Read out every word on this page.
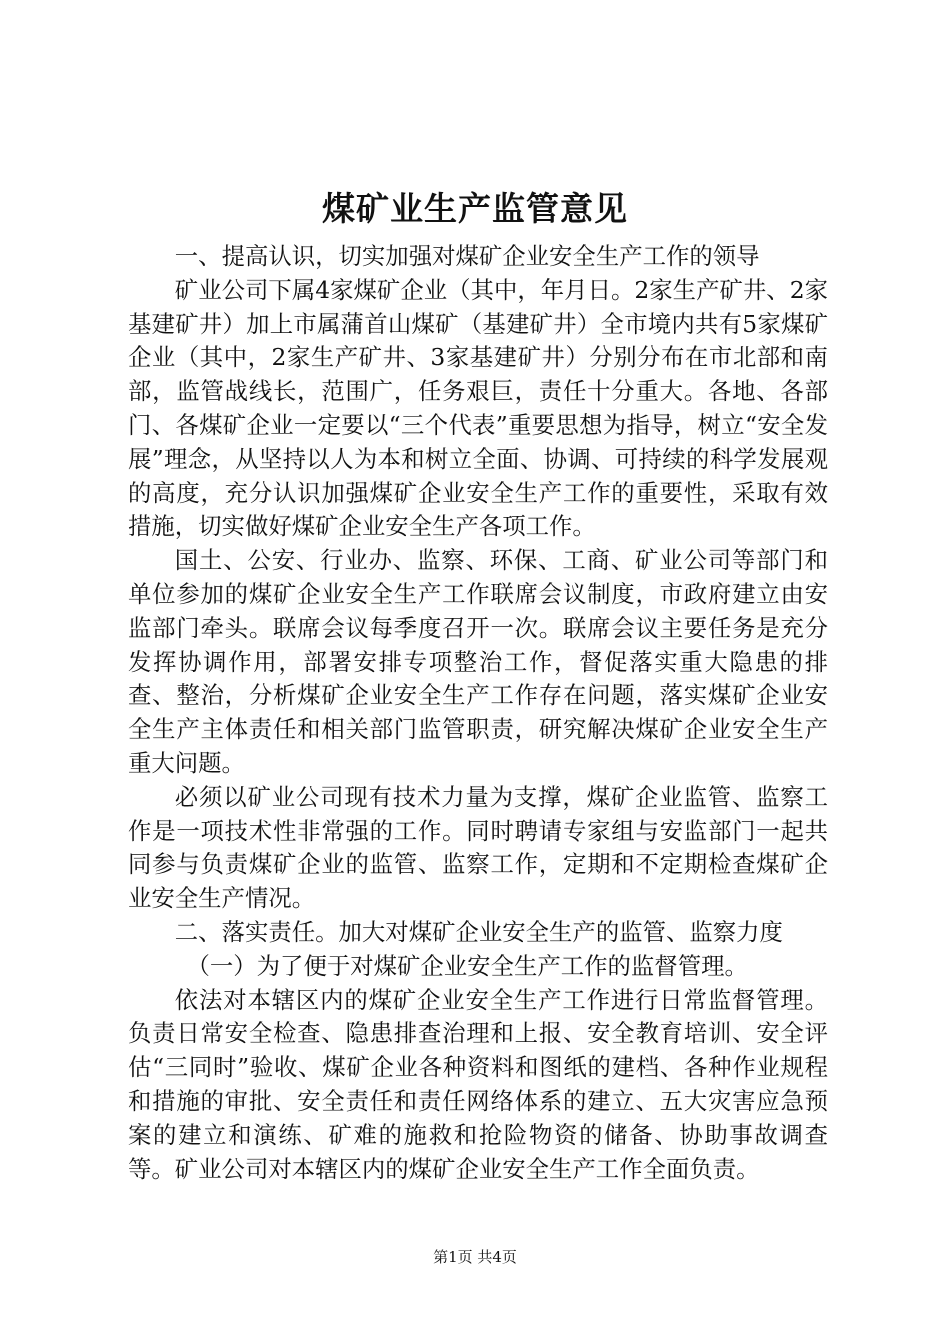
煤矿业生产监管意见

一、提高认识，切实加强对煤矿企业安全生产工作的领导

矿业公司下属4家煤矿企业（其中，年月日。2家生产矿井、2家基建矿井）加上市属蒲首山煤矿（基建矿井）全市境内共有5家煤矿企业（其中，2家生产矿井、3家基建矿井）分别分布在市北部和南部，监管战线长，范围广，任务艰巨，责任十分重大。各地、各部门、各煤矿企业一定要以“三个代表”重要思想为指导，树立“安全发展”理念，从坚持以人为本和树立全面、协调、可持续的科学发展观的高度，充分认识加强煤矿企业安全生产工作的重要性，采取有效措施，切实做好煤矿企业安全生产各项工作。

国土、公安、行业办、监察、环保、工商、矿业公司等部门和单位参加的煤矿企业安全生产工作联席会议制度，市政府建立由安监部门牵头。联席会议每季度召开一次。联席会议主要任务是充分发挥协调作用，部署安排专项整治工作，督促落实重大隐患的排查、整治，分析煤矿企业安全生产工作存在问题，落实煤矿企业安全生产主体责任和相关部门监管职责，研究解决煤矿企业安全生产重大问题。

必须以矿业公司现有技术力量为支撑，煤矿企业监管、监察工作是一项技术性非常强的工作。同时聘请专家组与安监部门一起共同参与负责煤矿企业的监管、监察工作，定期和不定期检查煤矿企业安全生产情况。

二、落实责任。加大对煤矿企业安全生产的监管、监察力度

（一）为了便于对煤矿企业安全生产工作的监督管理。

依法对本辖区内的煤矿企业安全生产工作进行日常监督管理。负责日常安全检查、隐患排查治理和上报、安全教育培训、安全评估“三同时”验收、煤矿企业各种资料和图纸的建档、各种作业规程和措施的审批、安全责任和责任网络体系的建立、五大灾害应急预案的建立和演练、矿难的施救和抢险物资的储备、协助事故调查等。矿业公司对本辖区内的煤矿企业安全生产工作全面负责。

第1页 共4页
